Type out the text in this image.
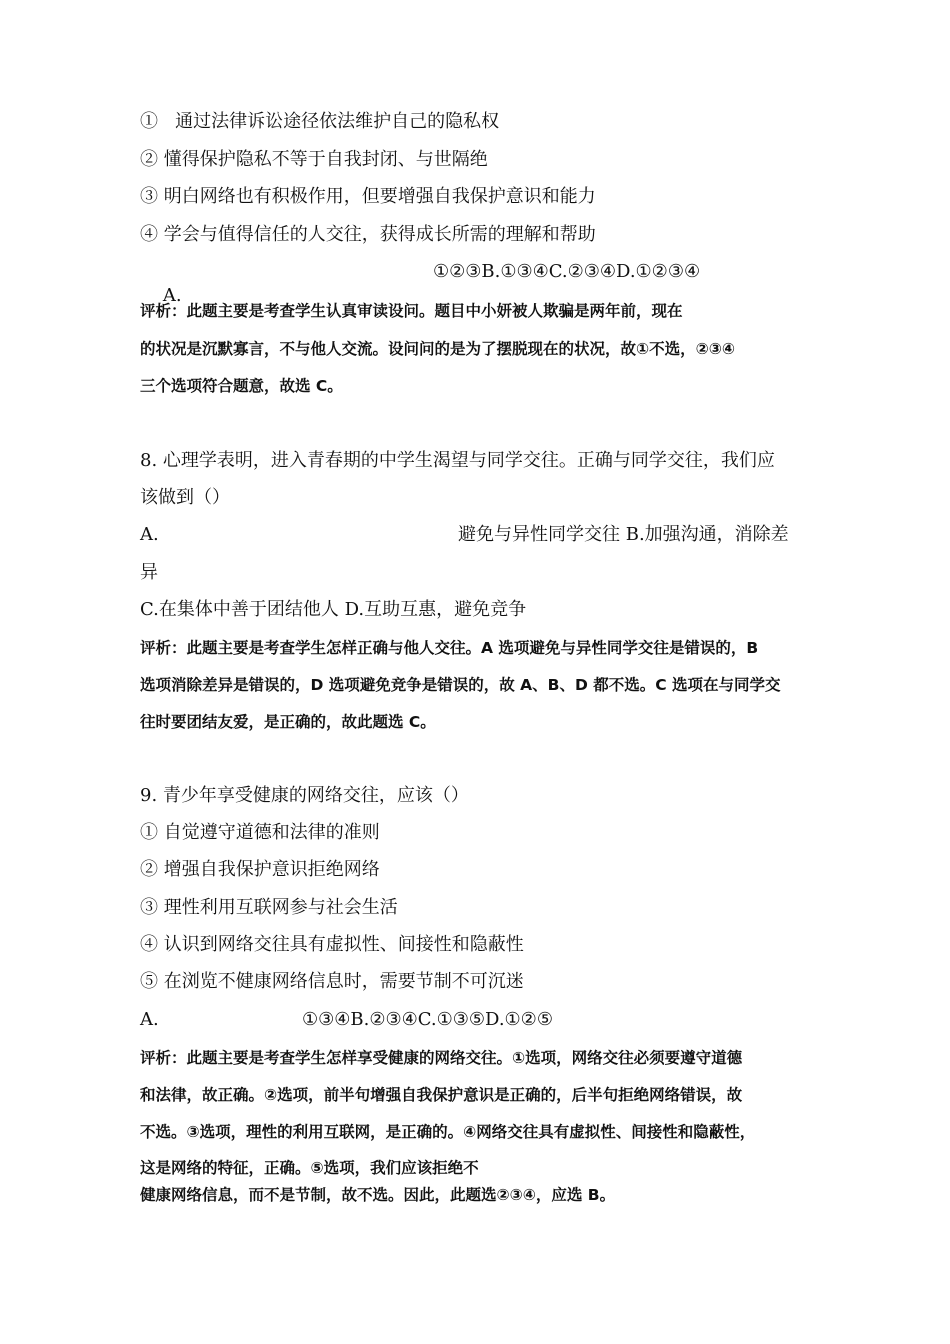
①   通过法律诉讼途径依法维护自己的隐私权
② 懂得保护隐私不等于自我封闭、与世隔绝
③ 明白网络也有积极作用，但要增强自我保护意识和能力
④ 学会与值得信任的人交往，获得成长所需的理解和帮助

A.

①②③B.①③④C.②③④D.①②③④
评析：此题主要是考查学生认真审读设问。题目中小妍被人欺骗是两年前，现在
的状况是沉默寡言，不与他人交流。设问问的是为了摆脱现在的状况，故①不选，②③④
三个选项符合题意，故选 C。
8. 心理学表明，进入青春期的中学生渴望与同学交往。正确与同学交往，我们应
该做到（）
A.	避免与异性同学交往 B.加强沟通，消除差
异
C.在集体中善于团结他人 D.互助互惠，避免竞争
评析：此题主要是考查学生怎样正确与他人交往。A 选项避免与异性同学交往是错误的，B
选项消除差异是错误的，D 选项避免竞争是错误的，故 A、B、D 都不选。C 选项在与同学交
往时要团结友爱，是正确的，故此题选 C。
9. 青少年享受健康的网络交往，应该（）
① 自觉遵守道德和法律的准则
② 增强自我保护意识拒绝网络
③ 理性利用互联网参与社会生活
④ 认识到网络交往具有虚拟性、间接性和隐蔽性
⑤ 在浏览不健康网络信息时，需要节制不可沉迷
A.	①③④B.②③④C.①③⑤D.①②⑤
评析：此题主要是考查学生怎样享受健康的网络交往。①选项，网络交往必须要遵守道德
和法律，故正确。②选项，前半句增强自我保护意识是正确的，后半句拒绝网络错误，故
不选。③选项，理性的利用互联网，是正确的。④网络交往具有虚拟性、间接性和隐蔽性，
这是网络的特征，正确。⑤选项，我们应该拒绝不
健康网络信息，而不是节制，故不选。因此，此题选②③④，应选 B。
